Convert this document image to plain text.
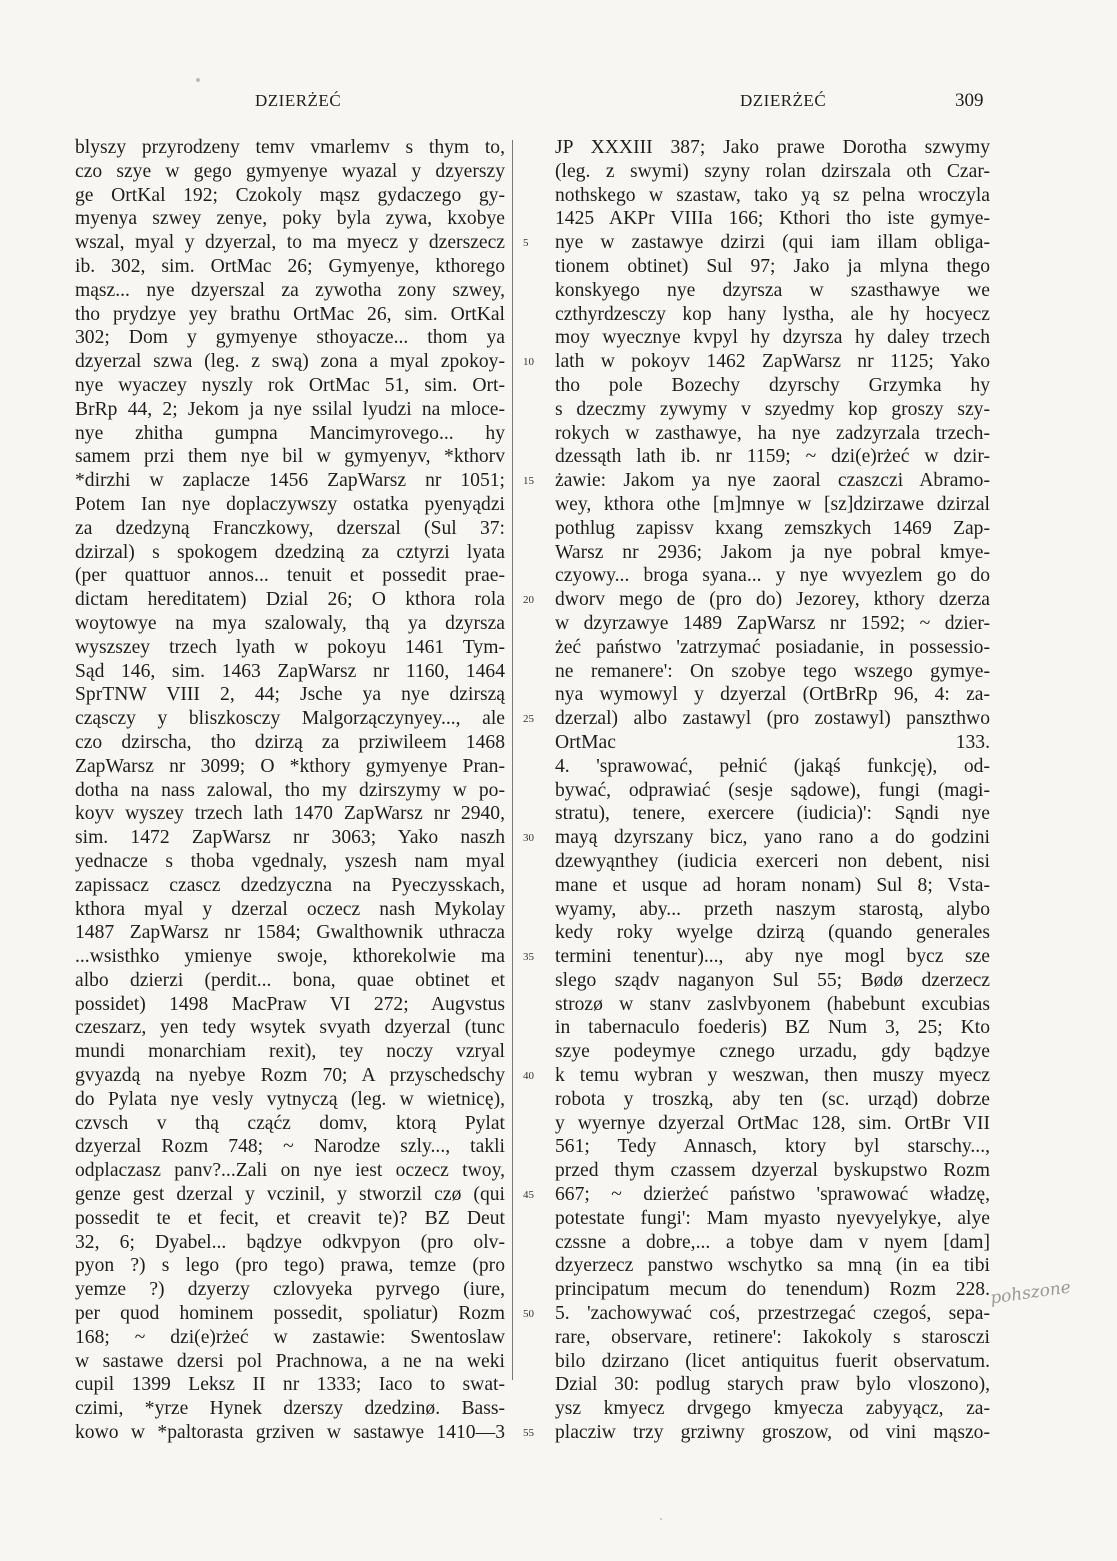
DZIERŻEĆ	DZIERŻEĆ	309
blyszy przyrodzeny temv vmarlemv s thym to,
czo szye w gego gymyenye wyazal y dzyerszy
ge OrtKal 192; Czokoly mąsz gydaczego gy-
myenya szwey zenye, poky byla zywa, kxobye
wszal, myal y dzyerzal, to ma myecz y dzerszecz
ib. 302, sim. OrtMac 26; Gymyenye, kthorego
mąsz... nye dzyerszal za zywotha zony szwey,
tho prydzye yey brathu OrtMac 26, sim. OrtKal
302; Dom y gymyenye sthoyacze... thom ya
dzyerzal szwa (leg. z swą) zona a myal zpokoy-
nye wyaczey nyszly rok OrtMac 51, sim. Ort-
BrRp 44, 2; Jekom ja nye ssilal lyudzi na mloce-
nye zhitha gumpna Mancimyrovego... hy
samem przi them nye bil w gymyenyv, *kthorv
*dirzhi w zaplacze 1456 ZapWarsz nr 1051;
Potem Ian nye doplaczywszy ostatka pyenyądzi
za dzedzyną Franczkowy, dzerszal (Sul 37:
dzirzal) s spokogem dzedziną za cztyrzi lyata
(per quattuor annos... tenuit et possedit prae-
dictam hereditatem) Dzial 26; O kthora rola
woytowye na mya szalowaly, thą ya dzyrsza
wyszszey trzech lyath w pokoyu 1461 Tym-
Sąd 146, sim. 1463 ZapWarsz nr 1160, 1464
SprTNW VIII 2, 44; Jsche ya nye dzirszą
cząsczy y bliszkosczy Malgorzączynyey..., ale
czo dzirscha, tho dzirzą za prziwileem 1468
ZapWarsz nr 3099; O *kthory gymyenye Pran-
dotha na nass zalowal, tho my dzirszymy w po-
koyv wyszey trzech lath 1470 ZapWarsz nr 2940,
sim. 1472 ZapWarsz nr 3063; Yako naszh
yednacze s thoba vgednaly, yszesh nam myal
zapissacz czascz dzedzyczna na Pyeczysskach,
kthora myal y dzerzal oczecz nash Mykolay
1487 ZapWarsz nr 1584; Gwalthownik uthracza
...wsisthko ymienye swoje, kthorekolwie ma
albo dzierzi (perdit... bona, quae obtinet et
possidet) 1498 MacPraw VI 272; Augvstus
czeszarz, yen tedy wsytek svyath dzyerzal (tunc
mundi monarchiam rexit), tey noczy vzryal
gvyazdą na nyebye Rozm 70; A przyschedschy
do Pylata nye vesly vytnyczą (leg. w wietnicę),
czvsch v thą cząćz domv, ktorą Pylat
dzyerzal Rozm 748; ~ Narodze szly..., takli
odplaczasz panv?...Zali on nye iest oczecz twoy,
genze gest dzerzal y vczinil, y stworzil czø (qui
possedit te et fecit, et creavit te)? BZ Deut
32, 6; Dyabel... bądzye odkvpyon (pro olv-
pyon ?) s lego (pro tego) prawa, temze (pro
yemze ?) dzyerzy czlovyeka pyrvego (iure,
per quod hominem possedit, spoliatur) Rozm
168; ~ dzi(e)rżeć w zastawie: Swentoslaw
w sastawe dzersi pol Prachnowa, a ne na weki
cupil 1399 Leksz II nr 1333; Iaco to swat-
czimi, *yrze Hynek dzerszy dzedzinø. Bass-
kowo w *paltorasta grziven w sastawye 1410—3
5
10
15
20
25
30
35
40
45
50
55
JP XXXIII 387; Jako prawe Dorotha szwymy
(leg. z swymi) szyny rolan dzirszala oth Czar-
nothskego w szastaw, tako yą sz pelna wroczyla
1425 AKPr VIIIa 166; Kthori tho iste gymye-
nye w zastawye dzirzi (qui iam illam obliga-
tionem obtinet) Sul 97; Jako ja mlyna thego
konskyego nye dzyrsza w szasthawye we
czthyrdzesczy kop hany lystha, ale hy hocyecz
moy wyecznye kvpyl hy dzyrsza hy daley trzech
lath w pokoyv 1462 ZapWarsz nr 1125; Yako
tho pole Bozechy dzyrschy Grzymka hy
s dzeczmy zywymy v szyedmy kop groszy szy-
rokych w zasthawye, ha nye zadzyrzala trzech-
dzessąth lath ib. nr 1159; ~ dzi(e)rżeć w dzir-
żawie: Jakom ya nye zaoral czaszczi Abramo-
wey, kthora othe [m]mnye w [sz]dzirzawe dzirzal
pothlug zapissv kxang zemszkych 1469 Zap-
Warsz nr 2936; Jakom ja nye pobral kmye-
czyowy... broga syana... y nye wvyezlem go do
dworv mego de (pro do) Jezorey, kthory dzerza
w dzyrzawye 1489 ZapWarsz nr 1592; ~ dzier-
żeć państwo 'zatrzymać posiadanie, in possessio-
ne remanere': On szobye tego wszego gymye-
nya wymowyl y dzyerzal (OrtBrRp 96, 4: za-
dzerzal) albo zastawyl (pro zostawyl) panszthwo
OrtMac 133.
4. 'sprawować, pełnić (jakąś funkcję), od-
bywać, odprawiać (sesje sądowe), fungi (magi-
stratu), tenere, exercere (iudicia)': Sąndi nye
mayą dzyrszany bicz, yano rano a do godzini
dzewyąnthey (iudicia exerceri non debent, nisi
mane et usque ad horam nonam) Sul 8; Vsta-
wyamy, aby... przeth naszym starostą, alybo
kedy roky wyelge dzirzą (quando generales
termini tenentur)..., aby nye mogl bycz sze
slego sządv naganyon Sul 55; Bødø dzerzecz
strozø w stanv zaslvbyonem (habebunt excubias
in tabernaculo foederis) BZ Num 3, 25; Kto
szye podeymye cznego urzadu, gdy bądzye
k temu wybran y weszwan, then muszy myecz
robota y troszką, aby ten (sc. urząd) dobrze
y wyernye dzyerzal OrtMac 128, sim. OrtBr VII
561; Tedy Annasch, ktory byl starschy...,
przed thym czassem dzyerzal byskupstwo Rozm
667; ~ dzierżeć państwo 'sprawować władzę,
potestate fungi': Mam myasto nyevyelykye, alye
czssne a dobre,... a tobye dam v nyem [dam]
dzyerzecz panstwo wschytko sa mną (in ea tibi
principatum mecum do tenendum) Rozm 228.
5. 'zachowywać coś, przestrzegać czegoś, sepa-
rare, observare, retinere': Iakokoly s starosczi
bilo dzirzano (licet antiquitus fuerit observatum.
Dzial 30: podlug starych praw bylo vloszono),
ysz kmyecz drvgego kmyecza zabyyącz, za-
placziw trzy grziwny groszow, od vini mąszo-
pohszone
